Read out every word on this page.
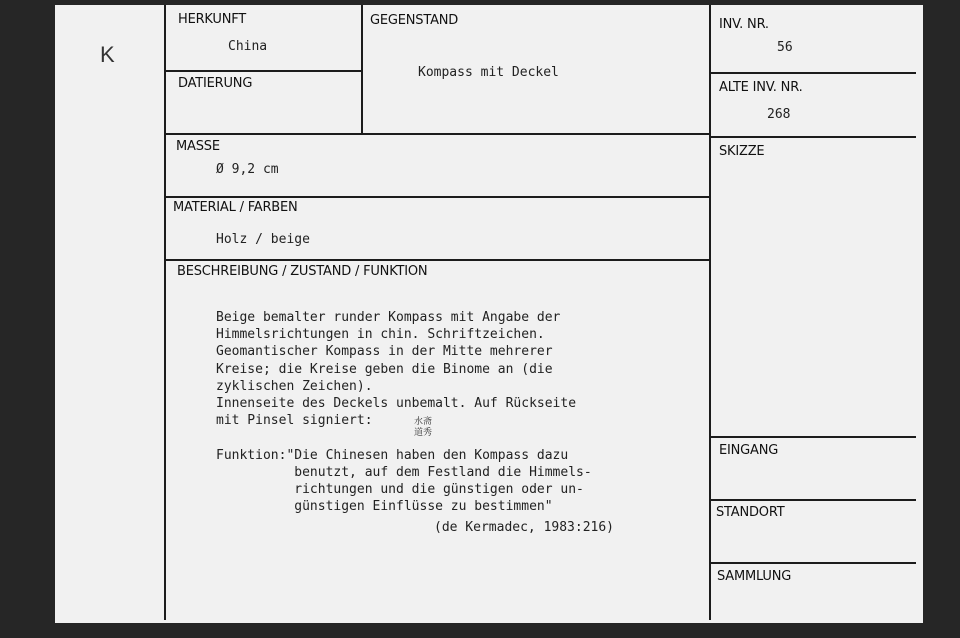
K
HERKUNFT
China
DATIERUNG
GEGENSTAND
Kompass mit Deckel
INV. NR.
56
ALTE INV. NR.
268
MASSE
Ø 9,2 cm
SKIZZE
MATERIAL / FARBEN
Holz / beige
BESCHREIBUNG / ZUSTAND / FUNKTION
Beige bemalter runder Kompass mit Angabe der
Himmelsrichtungen in chin. Schriftzeichen.
Geomantischer Kompass in der Mitte mehrerer
Kreise; die Kreise geben die Binome an (die
zyklischen Zeichen).
Innenseite des Deckels unbemalt. Auf Rückseite
mit Pinsel signiert:

Funktion:"Die Chinesen haben den Kompass dazu
benutzt, auf dem Festland die Himmels-
richtungen und die günstigen oder un-
günstigen Einflüsse zu bestimmen"
(de Kermadec, 1983:216)
水斋
道秀
EINGANG
STANDORT
SAMMLUNG
